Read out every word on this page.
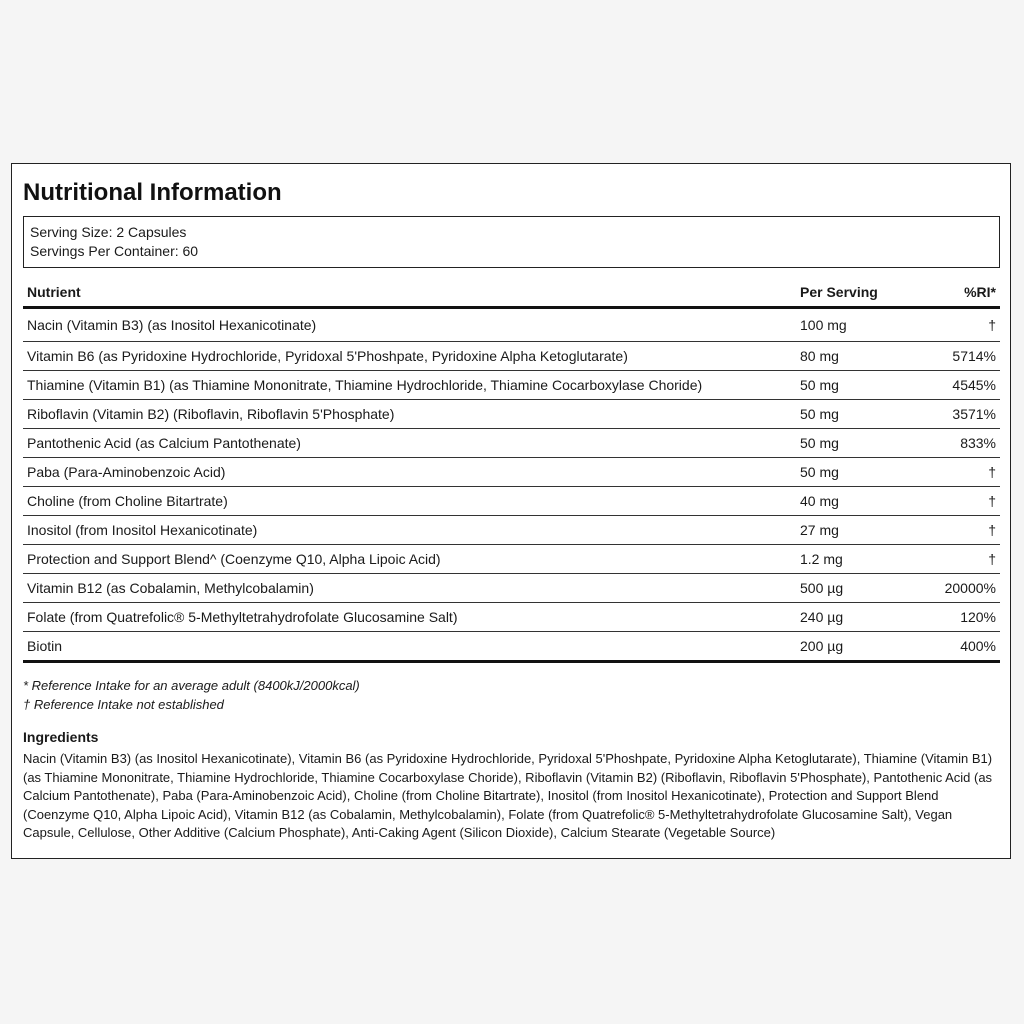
Nutritional Information
Serving Size: 2 Capsules
Servings Per Container: 60
Nutrient	Per Serving	%RI*
Nacin (Vitamin B3) (as Inositol Hexanicotinate)	100 mg	†
Vitamin B6 (as Pyridoxine Hydrochloride, Pyridoxal 5'Phoshpate, Pyridoxine Alpha Ketoglutarate)	80 mg	5714%
Thiamine (Vitamin B1) (as Thiamine Mononitrate, Thiamine Hydrochloride, Thiamine Cocarboxylase Choride)	50 mg	4545%
Riboflavin (Vitamin B2) (Riboflavin, Riboflavin 5'Phosphate)	50 mg	3571%
Pantothenic Acid (as Calcium Pantothenate)	50 mg	833%
Paba (Para-Aminobenzoic Acid)	50 mg	†
Choline (from Choline Bitartrate)	40 mg	†
Inositol (from Inositol Hexanicotinate)	27 mg	†
Protection and Support Blend^ (Coenzyme Q10, Alpha Lipoic Acid)	1.2 mg	†
Vitamin B12 (as Cobalamin, Methylcobalamin)	500 µg	20000%
Folate (from Quatrefolic® 5-Methyltetrahydrofolate Glucosamine Salt)	240 µg	120%
Biotin	200 µg	400%
* Reference Intake for an average adult (8400kJ/2000kcal)
† Reference Intake not established
Ingredients
Nacin (Vitamin B3) (as Inositol Hexanicotinate), Vitamin B6 (as Pyridoxine Hydrochloride, Pyridoxal 5'Phoshpate, Pyridoxine Alpha Ketoglutarate), Thiamine (Vitamin B1) (as Thiamine Mononitrate, Thiamine Hydrochloride, Thiamine Cocarboxylase Choride), Riboflavin (Vitamin B2) (Riboflavin, Riboflavin 5'Phosphate), Pantothenic Acid (as Calcium Pantothenate), Paba (Para-Aminobenzoic Acid), Choline (from Choline Bitartrate), Inositol (from Inositol Hexanicotinate), Protection and Support Blend (Coenzyme Q10, Alpha Lipoic Acid), Vitamin B12 (as Cobalamin, Methylcobalamin), Folate (from Quatrefolic® 5-Methyltetrahydrofolate Glucosamine Salt), Vegan Capsule, Cellulose, Other Additive (Calcium Phosphate), Anti-Caking Agent (Silicon Dioxide), Calcium Stearate (Vegetable Source)
